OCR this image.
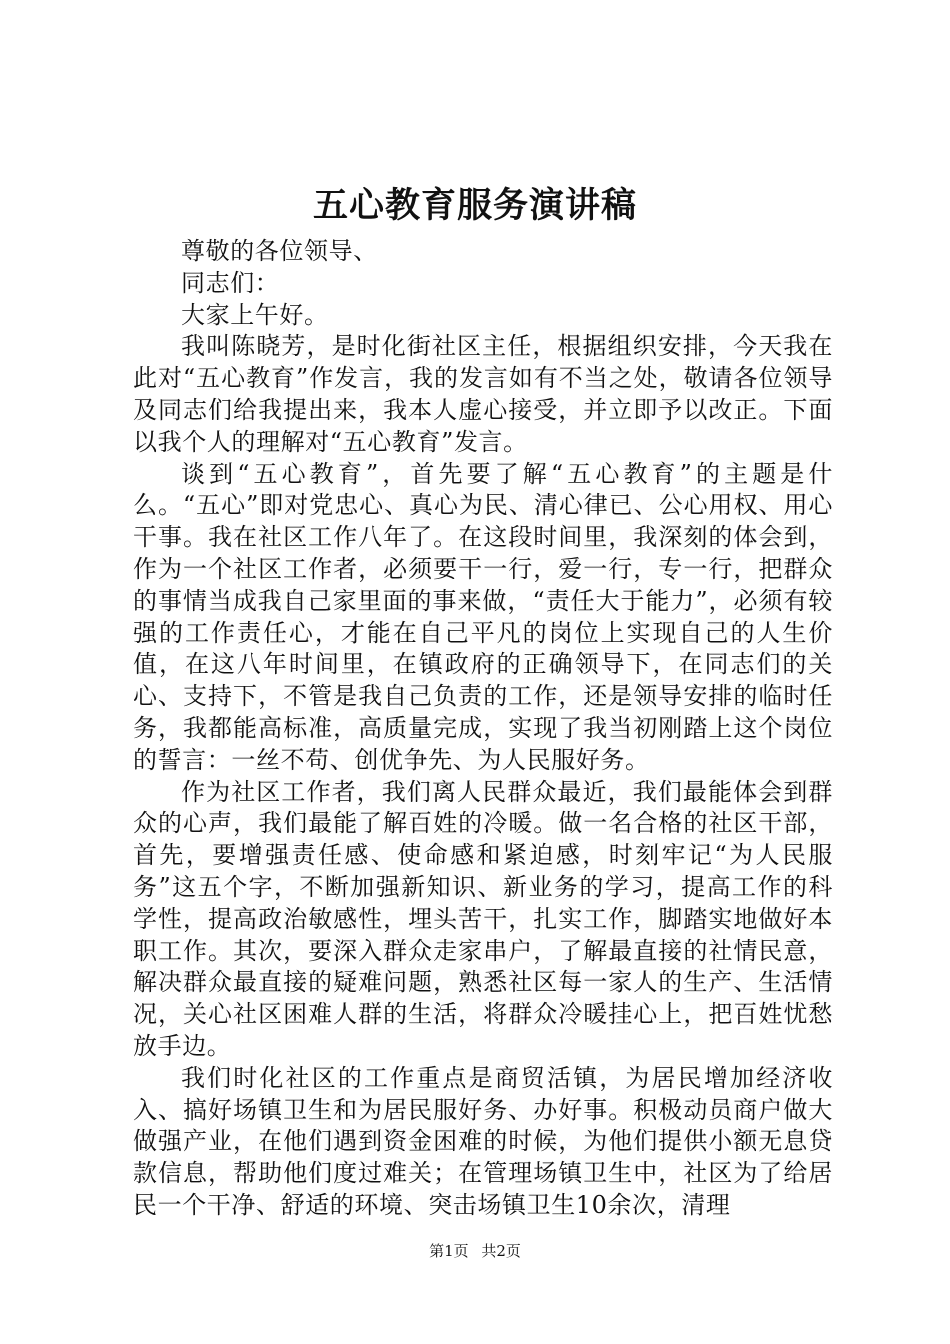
五心教育服务演讲稿

尊敬的各位领导、

同志们：

大家上午好。

我叫陈晓芳，是时化街社区主任，根据组织安排，今天我在此对“五心教育”作发言，我的发言如有不当之处，敬请各位领导及同志们给我提出来，我本人虚心接受，并立即予以改正。下面以我个人的理解对“五心教育”发言。

谈到“五心教育”，首先要了解“五心教育”的主题是什么。“五心”即对党忠心、真心为民、清心律已、公心用权、用心干事。我在社区工作八年了。在这段时间里，我深刻的体会到，作为一个社区工作者，必须要干一行，爱一行，专一行，把群众的事情当成我自己家里面的事来做，“责任大于能力”，必须有较强的工作责任心，才能在自己平凡的岗位上实现自己的人生价值，在这八年时间里，在镇政府的正确领导下，在同志们的关心、支持下，不管是我自己负责的工作，还是领导安排的临时任务，我都能高标准，高质量完成，实现了我当初刚踏上这个岗位的誓言：一丝不苟、创优争先、为人民服好务。

作为社区工作者，我们离人民群众最近，我们最能体会到群众的心声，我们最能了解百姓的冷暖。做一名合格的社区干部，首先，要增强责任感、使命感和紧迫感，时刻牢记“为人民服务”这五个字，不断加强新知识、新业务的学习，提高工作的科学性，提高政治敏感性，埋头苦干，扎实工作，脚踏实地做好本职工作。其次，要深入群众走家串户，了解最直接的社情民意，解决群众最直接的疑难问题，熟悉社区每一家人的生产、生活情况，关心社区困难人群的生活，将群众冷暖挂心上，把百姓忧愁放手边。

我们时化社区的工作重点是商贸活镇，为居民增加经济收入、搞好场镇卫生和为居民服好务、办好事。积极动员商户做大做强产业，在他们遇到资金困难的时候，为他们提供小额无息贷款信息，帮助他们度过难关；在管理场镇卫生中，社区为了给居民一个干净、舒适的环境、突击场镇卫生10余次，清理

第1页 共2页
